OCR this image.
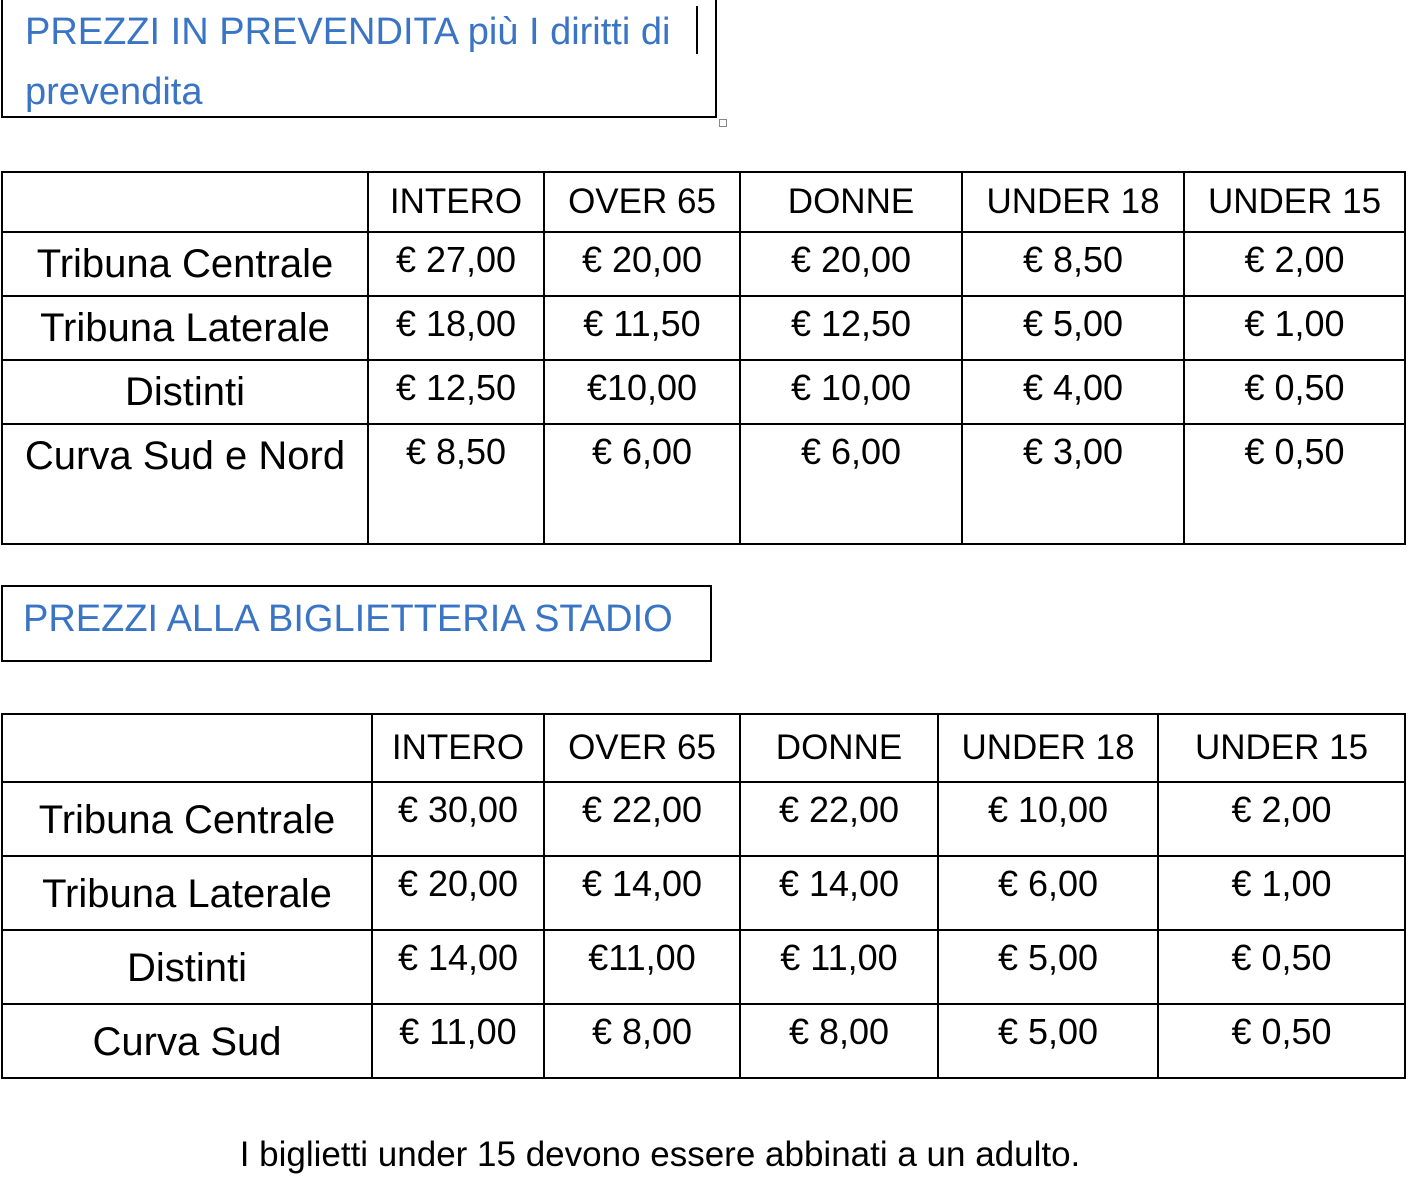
PREZZI IN PREVENDITA più I diritti di prevendita
	INTERO	OVER 65	DONNE	UNDER 18	UNDER 15
Tribuna Centrale	€ 27,00	€ 20,00	€ 20,00	€ 8,50	€ 2,00
Tribuna Laterale	€ 18,00	€ 11,50	€ 12,50	€ 5,00	€ 1,00
Distinti	€ 12,50	€10,00	€ 10,00	€ 4,00	€ 0,50
Curva Sud e Nord	€ 8,50	€ 6,00	€ 6,00	€ 3,00	€ 0,50
PREZZI ALLA BIGLIETTERIA STADIO
	INTERO	OVER 65	DONNE	UNDER 18	UNDER 15
Tribuna Centrale	€ 30,00	€ 22,00	€ 22,00	€ 10,00	€ 2,00
Tribuna Laterale	€ 20,00	€ 14,00	€ 14,00	€ 6,00	€ 1,00
Distinti	€ 14,00	€11,00	€ 11,00	€ 5,00	€ 0,50
Curva Sud	€ 11,00	€ 8,00	€ 8,00	€ 5,00	€ 0,50
I biglietti under 15 devono essere abbinati a un adulto.
